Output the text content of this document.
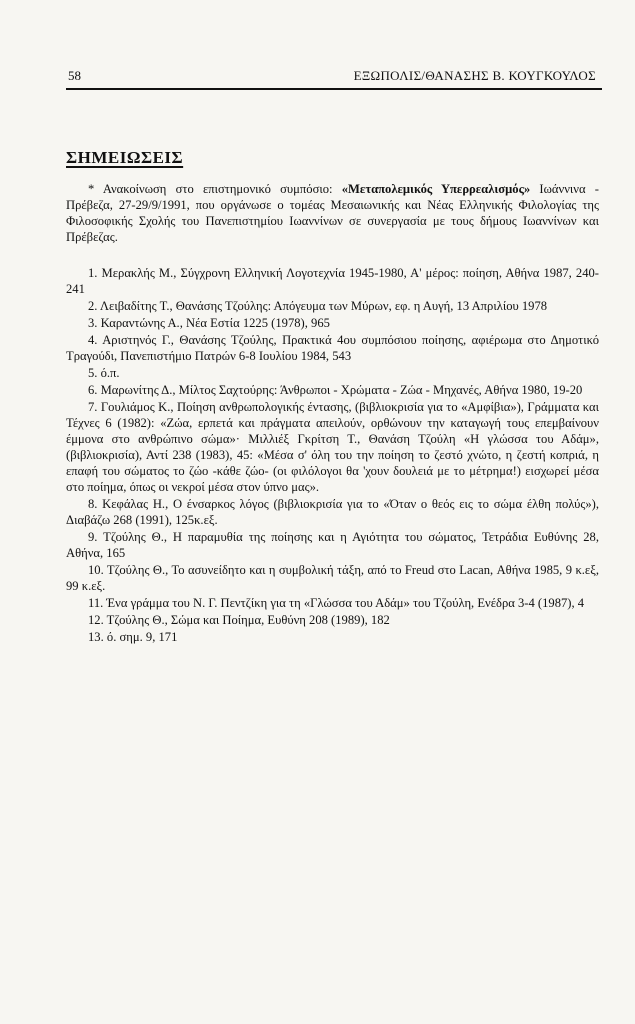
58	ΕΞΩΠΟΛΙΣ/ΘΑΝΑΣΗΣ Β. ΚΟΥΓΚΟΥΛΟΣ
ΣΗΜΕΙΩΣΕΙΣ
* Ανακοίνωση στο επιστημονικό συμπόσιο: «Μεταπολεμικός Υπερρεαλισμός» Ιωάννινα - Πρέβεζα, 27-29/9/1991, που οργάνωσε ο τομέας Μεσαιωνικής και Νέας Ελληνικής Φιλολογίας της Φιλοσοφικής Σχολής του Πανεπιστημίου Ιωαννίνων σε συνεργασία με τους δήμους Ιωαννίνων και Πρέβεζας.

1. Μερακλής Μ., Σύγχρονη Ελληνική Λογοτεχνία 1945-1980, Α' μέρος: ποίηση, Αθήνα 1987, 240-241

2. Λειβαδίτης Τ., Θανάσης Τζούλης: Απόγευμα των Μύρων, εφ. η Αυγή, 13 Απριλίου 1978

3. Καραντώνης Α., Νέα Εστία 1225 (1978), 965

4. Αριστηνός Γ., Θανάσης Τζούλης, Πρακτικά 4ου συμπόσιου ποίησης, αφιέρωμα στο Δημοτικό Τραγούδι, Πανεπιστήμιο Πατρών 6-8 Ιουλίου 1984, 543

5. ό.π.

6. Μαρωνίτης Δ., Μίλτος Σαχτούρης: Άνθρωποι - Χρώματα - Ζώα - Μηχανές, Αθήνα 1980, 19-20

7. Γουλιάμος Κ., Ποίηση ανθρωπολογικής έντασης, (βιβλιοκρισία για το «Αμφίβια»), Γράμματα και Τέχνες 6 (1982): «Ζώα, ερπετά και πράγματα απειλούν, ορθώνουν την καταγωγή τους επεμβαίνουν έμμονα στο ανθρώπινο σώμα»· Μιλλιέξ Γκρίτση Τ., Θανάση Τζούλη «Η γλώσσα του Αδάμ», (βιβλιοκρισία), Αντί 238 (1983), 45: «Μέσα σ' όλη του την ποίηση το ζεστό χνώτο, η ζεστή κοπριά, η επαφή του σώματος το ζώο -κάθε ζώο- (οι φιλόλογοι θα 'χουν δουλειά με το μέτρημα!) εισχωρεί μέσα στο ποίημα, όπως οι νεκροί μέσα στον ύπνο μας».

8. Κεφάλας Η., Ο ένσαρκος λόγος (βιβλιοκρισία για το «Όταν ο θεός εις το σώμα έλθη πολύς»), Διαβάζω 268 (1991), 125κ.εξ.

9. Τζούλης Θ., Η παραμυθία της ποίησης και η Αγιότητα του σώματος, Τετράδια Ευθύνης 28, Αθήνα, 165

10. Τζούλης Θ., Το ασυνείδητο και η συμβολική τάξη, από το Freud στο Lacan, Αθήνα 1985, 9 κ.εξ, 99 κ.εξ.

11. Ένα γράμμα του Ν. Γ. Πεντζίκη για τη «Γλώσσα του Αδάμ» του Τζούλη, Ενέδρα 3-4 (1987), 4

12. Τζούλης Θ., Σώμα και Ποίημα, Ευθύνη 208 (1989), 182

13. ό. σημ. 9, 171
